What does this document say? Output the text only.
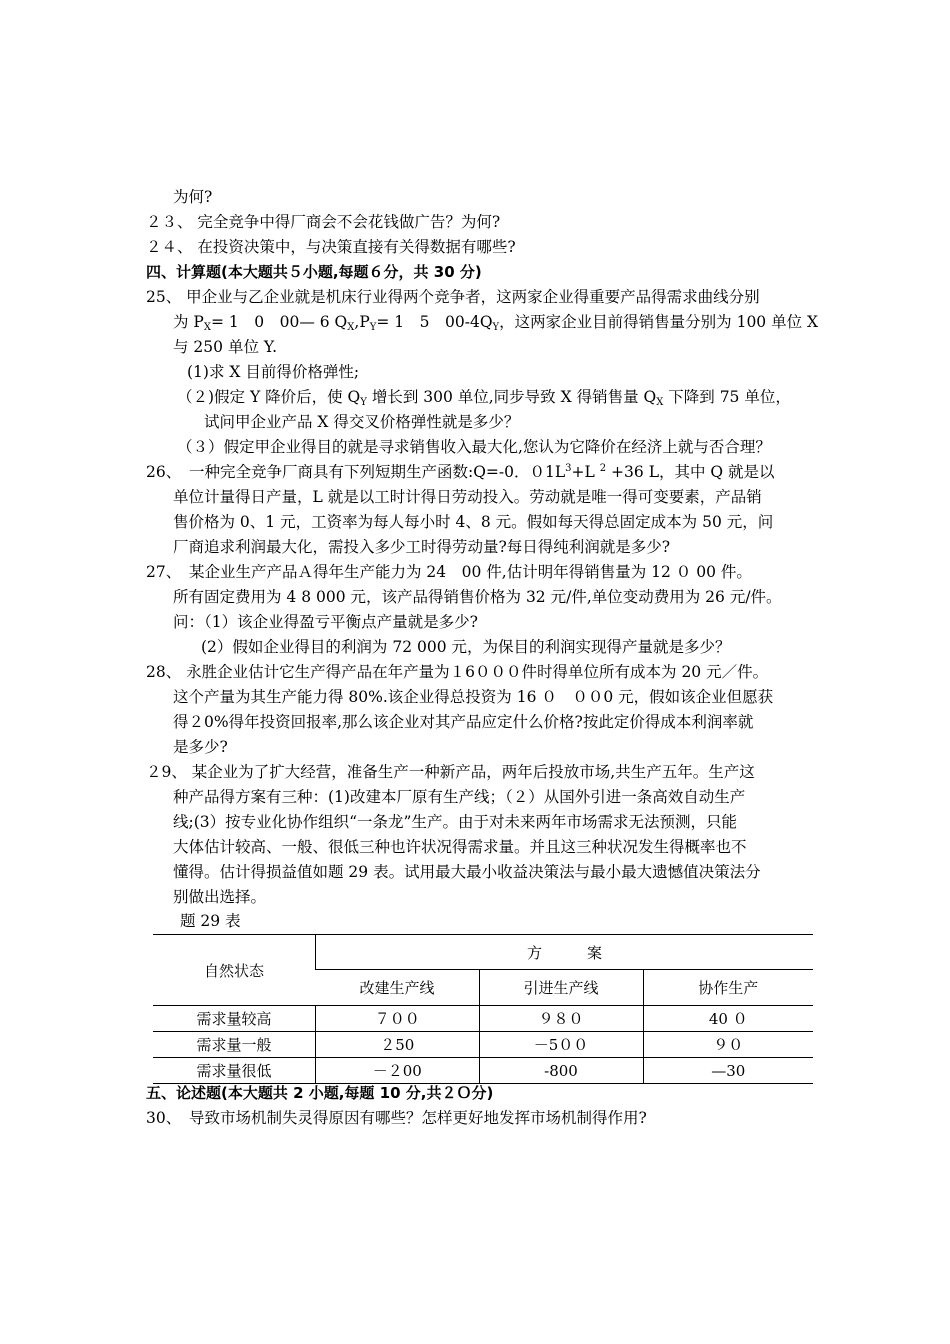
为何?
２３、 完全竞争中得厂商会不会花钱做广告？为何?
２４、 在投资决策中，与决策直接有关得数据有哪些?
四、计算题(本大题共５小题,每题６分，共 30 分)
25、 甲企业与乙企业就是机床行业得两个竞争者，这两家企业得重要产品得需求曲线分别
为 $P_X= 1$　0　00— 6 $Q_X,P_Y= 1$　5　$00-4Q_Y$，这两家企业目前得销售量分别为 100 单位 X
与 250 单位 Y.
(1)求 X 目前得价格弹性;
（２)假定 Y 降价后，使 $Q_Y$ 增长到 300 单位,同步导致 X 得销售量 $Q_X$ 下降到 75 单位，
试问甲企业产品 X 得交叉价格弹性就是多少？
（３）假定甲企业得目的就是寻求销售收入最大化,您认为它降价在经济上就与否合理？
26、　一种完全竞争厂商具有下列短期生产函数:Q=-0．$01L^3+L$ $^2$ +36 L，其中 Q 就是以
单位计量得日产量，L 就是以工时计得日劳动投入。劳动就是唯一得可变要素，产品销
售价格为 0、1 元，工资率为每人每小时 4、8 元。假如每天得总固定成本为 50 元，问
厂商追求利润最大化，需投入多少工时得劳动量?每日得纯利润就是多少?
27、　某企业生产产品Ａ得年生产能力为 24　00 件,估计明年得销售量为 12 ０ 00 件。
所有固定费用为 4 8 000 元，该产品得销售价格为 32 元/件,单位变动费用为 26 元/件。
问：（1）该企业得盈亏平衡点产量就是多少?
(2）假如企业得目的利润为 72 000 元，为保目的利润实现得产量就是多少？
28、 永胜企业估计它生产得产品在年产量为１6０００件时得单位所有成本为 20 元／件。
这个产量为其生产能力得 80%.该企业得总投资为 16 ０　００0 元，假如该企业但愿获
得２0%得年投资回报率,那么该企业对其产品应定什么价格?按此定价得成本利润率就
是多少?
２9、 某企业为了扩大经营，准备生产一种新产品，两年后投放市场,共生产五年。生产这
种产品得方案有三种：(1)改建本厂原有生产线；（２）从国外引进一条高效自动生产
线;(3）按专业化协作组织“一条龙”生产。由于对未来两年市场需求无法预测，只能
大体估计较高、一般、很低三种也许状况得需求量。并且这三种状况发生得概率也不
懂得。估计得损益值如题 29 表。试用最大最小收益决策法与最小最大遗憾值决策法分
别做出选择。
题 29 表
自然状态	方　　　案		
	改建生产线	引进生产线	协作生产
需求量较高	７００	９８０	40 ０
需求量一般	２50	－5００	９０
需求量很低	－２00	-800	—30
五、论述题(本大题共 2 小题,每题 10 分,共２Ｏ分)
30、　导致市场机制失灵得原因有哪些？怎样更好地发挥市场机制得作用?
